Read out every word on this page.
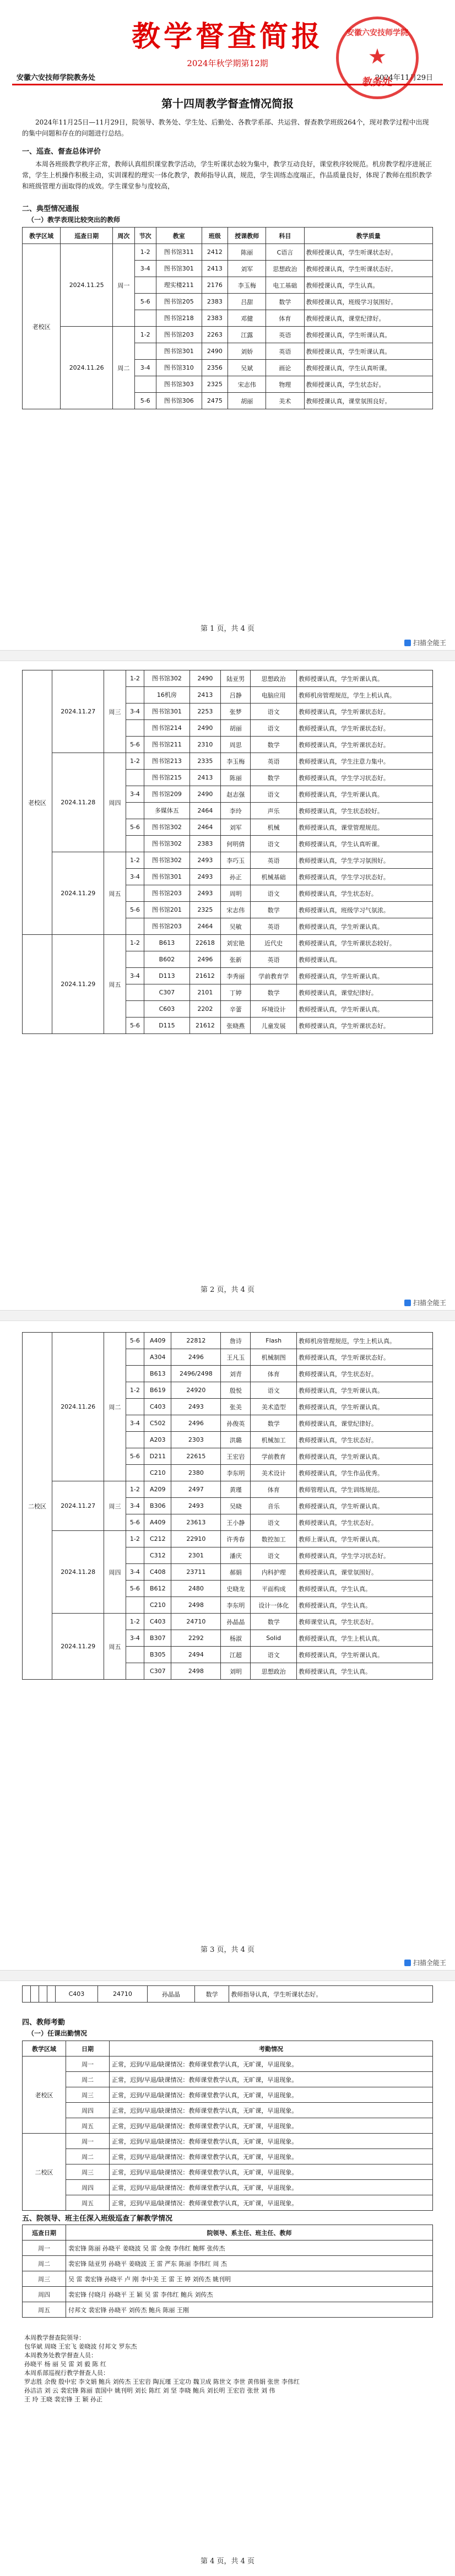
教学督查简报
2024年秋学期第12期
安徽六安技师学院教务处	2024年11月29日
安徽六安技师学院
★
教务处
第十四周教学督查情况简报
2024年11月25日—11月29日，院领导、教务处、学生处、后勤处、各教学系部、共运营、督查教学班级264个，现对教学过程中出现的集中问题和存在的问题进行总结。
一、巡查、督查总体评价
本周各班级教学秩序正常，教师认真组织课堂教学活动，学生听课状态较为集中，教学互动良好，课堂秩序较规范。机房教学程序进展正常，学生上机操作积极主动，实训课程的理实一体化教学，教师指导认真，规范，学生训练态度端正，作品质量良好，体现了教师在组织教学和班级管理方面取得的成效。学生课堂参与度较高，
二、典型情况通报
（一）教学表现比较突出的教师
教学区域	巡查日期	周次	节次	教室	班级	授课教师	科目	教学质量
老校区	2024.11.25	周一	1-2	图书馆311	2412	陈丽	C语言	教师授课认真，学生听课状态好。
			3-4	图书馆301	2413	刘军	思想政治	教师授课认真，学生听课状态好。
				理实楼211	2176	李玉梅	电工基础	教师授课认真，学生认真。
			5-6	图书馆205	2383	吕甜	数学	教师授课认真，班级学习氛围好。
				图书馆218	2383	邓健	体育	教师授课认真，课堂纪律好。
	2024.11.26	周二	1-2	图书馆203	2263	江露	英语	教师授课认真，学生听课认真。
				图书馆301	2490	刘娇	英语	教师授课认真，学生听课认真。
			3-4	图书馆310	2356	吴斌	画论	教师授课认真，学生认真听课。
				图书馆303	2325	宋志伟	物理	教师授课认真，学生状态好。
			5-6	图书馆306	2475	胡丽	美术	教师授课认真，课堂氛围良好。
第 1 页，共 4 页
扫描全能王
老校区	2024.11.27	周三	1-2	图书馆302	2490	陆亚男	思想政治	教师授课认真，学生听课认真。
				16机房	2413	吕静	电脑应用	教师机房管理规范，学生上机认真。
			3-4	图书馆301	2253	张梦	语文	教师授课认真，学生听课状态好。
				图书馆214	2490	胡丽	语文	教师授课认真，学生听课状态好。
			5-6	图书馆211	2310	周思	数学	教师授课认真，学生听课状态好。
	2024.11.28	周四	1-2	图书馆213	2335	李玉梅	英语	教师授课认真，学生注意力集中。
				图书馆215	2413	陈丽	数学	教师授课认真，学生学习状态好。
			3-4	图书馆209	2490	赵志强	语文	教师授课认真，学生听课认真。
				多媒体五	2464	李玲	声乐	教师授课认真，学生状态较好。
			5-6	图书馆302	2464	刘军	机械	教师授课认真，课堂管理规范。
				图书馆302	2383	何明倩	语文	教师授课认真，学生认真听课。
	2024.11.29	周五	1-2	图书馆302	2493	李巧玉	英语	教师授课认真，学生学习氛围好。
			3-4	图书馆301	2493	孙正	机械基础	教师授课认真，学生学习状态好。
				图书馆203	2493	周明	语文	教师授课认真，学生状态好。
			5-6	图书馆201	2325	宋志伟	数学	教师授课认真，班级学习气氛浓。
				图书馆203	2464	吴敏	英语	教师授课认真，学生听课认真。
	2024.11.29	周五	1-2	B613	22618	刘宏艳	近代史	教师授课认真，学生听课状态较好。
				B602	2496	张新	英语	教师授课认真。
			3-4	D113	21612	李秀丽	学前教育学	教师授课认真，学生听课认真。
				C307	2101	丁婷	数学	教师授课认真，课堂纪律好。
				C603	2202	辛蕾	环境设计	教师授课认真，学生听课认真。
			5-6	D115	21612	张晓燕	儿童发展	教师授课认真，学生听课状态好。
第 2 页，共 4 页
扫描全能王
二校区	2024.11.26	周二	5-6	A409	22812	詹诗	Flash	教师机房管理规范，学生上机认真。
				A304	2496	王凡玉	机械制图	教师授课认真，学生听课状态好。
				B613	2496/2498	刘青	体育	教师授课认真，学生状态好。
			1-2	B619	24920	殷悦	语文	教师授课认真，学生听课认真。
				C403	2493	张美	美术造型	教师授课认真，学生听课认真。
			3-4	C502	2496	孙俊英	数学	教师授课认真，课堂纪律好。
				A203	2303	洪璐	机械加工	教师授课认真，学生状态好。
			5-6	D211	22615	王宏岩	学前教育	教师授课认真，学生听课认真。
				C210	2380	李东明	美术设计	教师授课认真，学生作品优秀。
	2024.11.27	周三	1-2	A209	2497	黄瑾	体育	教师管理认真，学生训练规范。
			3-4	B306	2493	吴晓	音乐	教师授课认真，学生听课认真。
			5-6	A409	23613	王小静	语文	教师授课认真，学生状态好。
	2024.11.28	周四	1-2	C212	22910	许秀春	数控加工	教师上课认真，学生听课认真。
				C312	2301	潘庆	语文	教师授课认真，学生学习状态好。
			3-4	C408	23711	郝娟	内科护理	教师授课认真，课堂氛围好。
			5-6	B612	2480	史晓龙	平面构成	教师授课认真，学生认真。
				C210	2498	李东明	设计一体化	教师授课认真，学生认真。
	2024.11.29	周五	1-2	C403	24710	孙晶晶	数学	教师课堂认真，学生状态好。
			3-4	B307	2292	杨淑	Solid	教师授课认真，学生上机认真。
				B305	2494	江超	语文	教师授课认真，学生听课认真。
				C307	2498	刘明	思想政治	教师授课认真，学生认真。
第 3 页，共 4 页
扫描全能王
				C403	24710	孙晶晶	数学	教师指导认真，学生听课状态好。
四、教师考勤
（一）任课出勤情况
教学区域	日期	考勤情况
老校区	周一	正常，迟到/早退/缺课情况：教师课堂教学认真，无旷课，早退现象。
	周二	正常，迟到/早退/缺课情况：教师课堂教学认真，无旷课，早退现象。
	周三	正常，迟到/早退/缺课情况：教师课堂教学认真，无旷课，早退现象。
	周四	正常，迟到/早退/缺课情况：教师课堂教学认真，无旷课，早退现象。
	周五	正常，迟到/早退/缺课情况：教师课堂教学认真，无旷课，早退现象。
二校区	周一	正常，迟到/早退/缺课情况：教师课堂教学认真，无旷课，早退现象。
	周二	正常，迟到/早退/缺课情况：教师课堂教学认真，无旷课，早退现象。
	周三	正常，迟到/早退/缺课情况：教师课堂教学认真，无旷课，早退现象。
	周四	正常，迟到/早退/缺课情况：教师课堂教学认真，无旷课，早退现象。
	周五	正常，迟到/早退/缺课情况：教师课堂教学认真，无旷课，早退现象。
五、院领导、班主任深入班级巡查了解教学情况
巡查日期	院领导、系主任、班主任、教师
周一	裴宏锋 陈丽 孙晓平 姜晓波 吴 雷 金俊 李伟红 鲍辉 张传杰
周二	裴宏锋 陆亚男 孙晓平 姜晓波 王 雷 严东 陈丽 李伟红 周 杰
周三	吴 雷 裴宏锋 孙晓平 卢 刚 李中美 王 雷 王 婷 刘传杰 姚刊明
周四	裴宏锋 付晓月 孙晓平 王 颖 吴 雷 李伟红 鲍兵 刘传杰
周五	付邦文 裴宏锋 孙晓平 刘传杰 鲍兵 陈丽 王刚
本周教学督查院领导：
包华斌 周晓 王宏飞 姜晓波 付邦文 罗东杰
本周教务处教学督查人员：
孙晓平 杨 丽 吴 雷 刘 毅 陈 红
本周系部巡视行教学督查人员：
罗志胜 余俊 殷中宏 李文娟 鲍兵 刘传杰 王宏岩 陶瓦瑾 王定功 魏卫成 陈世文 李世 黄伟娟 张世 李伟红
孙洁洁 刘 云 裴宏锋 陈丽 袁国中 姚刊明 刘长 陈红 刘 坚 李晓 鲍兵 刘长明 王宏岩 张世 刘 伟
王 玲 王晓 裴宏锋 王 颖 孙正
第 4 页，共 4 页
